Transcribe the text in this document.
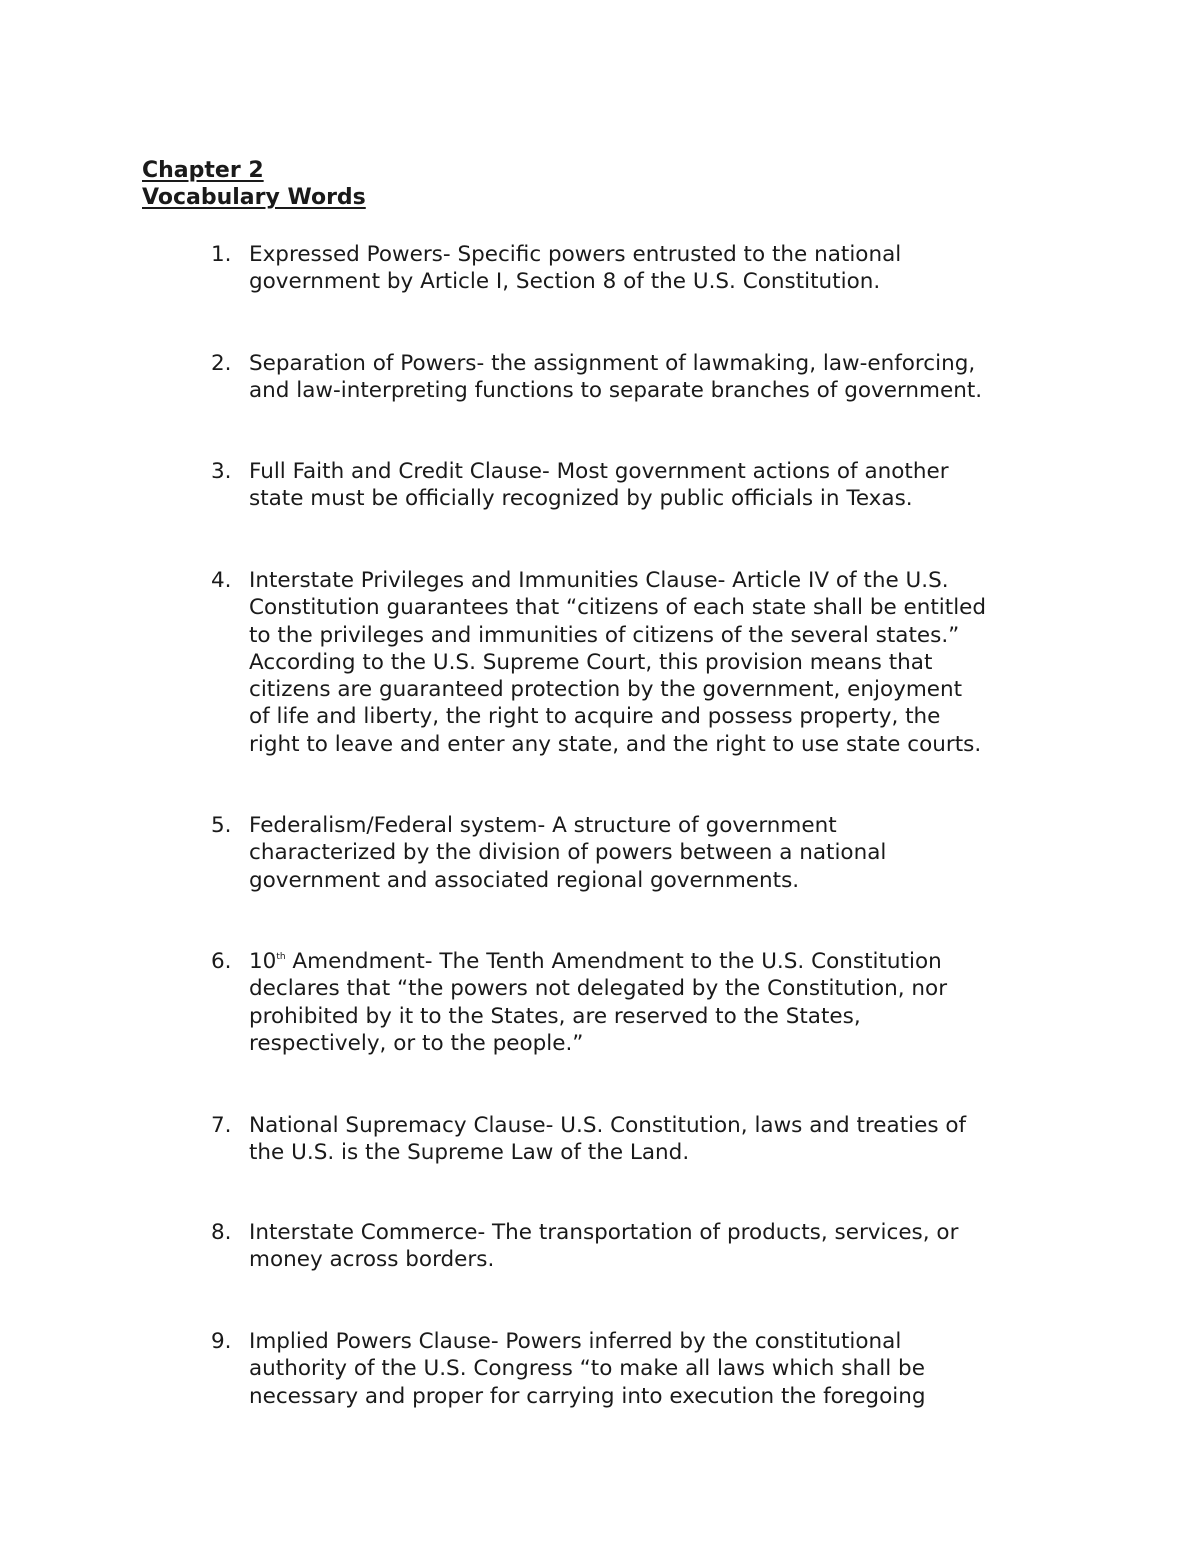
Chapter 2
Vocabulary Words
1. Expressed Powers- Specific powers entrusted to the national
government by Article I, Section 8 of the U.S. Constitution.
2. Separation of Powers- the assignment of lawmaking, law-enforcing,
and law-interpreting functions to separate branches of government.
3. Full Faith and Credit Clause- Most government actions of another
state must be officially recognized by public officials in Texas.
4. Interstate Privileges and Immunities Clause- Article IV of the U.S.
Constitution guarantees that “citizens of each state shall be entitled
to the privileges and immunities of citizens of the several states.”
According to the U.S. Supreme Court, this provision means that
citizens are guaranteed protection by the government, enjoyment
of life and liberty, the right to acquire and possess property, the
right to leave and enter any state, and the right to use state courts.
5. Federalism/Federal system- A structure of government
characterized by the division of powers between a national
government and associated regional governments.
6. 10th Amendment- The Tenth Amendment to the U.S. Constitution
declares that “the powers not delegated by the Constitution, nor
prohibited by it to the States, are reserved to the States,
respectively, or to the people.”
7. National Supremacy Clause- U.S. Constitution, laws and treaties of
the U.S. is the Supreme Law of the Land.
8. Interstate Commerce- The transportation of products, services, or
money across borders.
9. Implied Powers Clause- Powers inferred by the constitutional
authority of the U.S. Congress “to make all laws which shall be
necessary and proper for carrying into execution the foregoing
